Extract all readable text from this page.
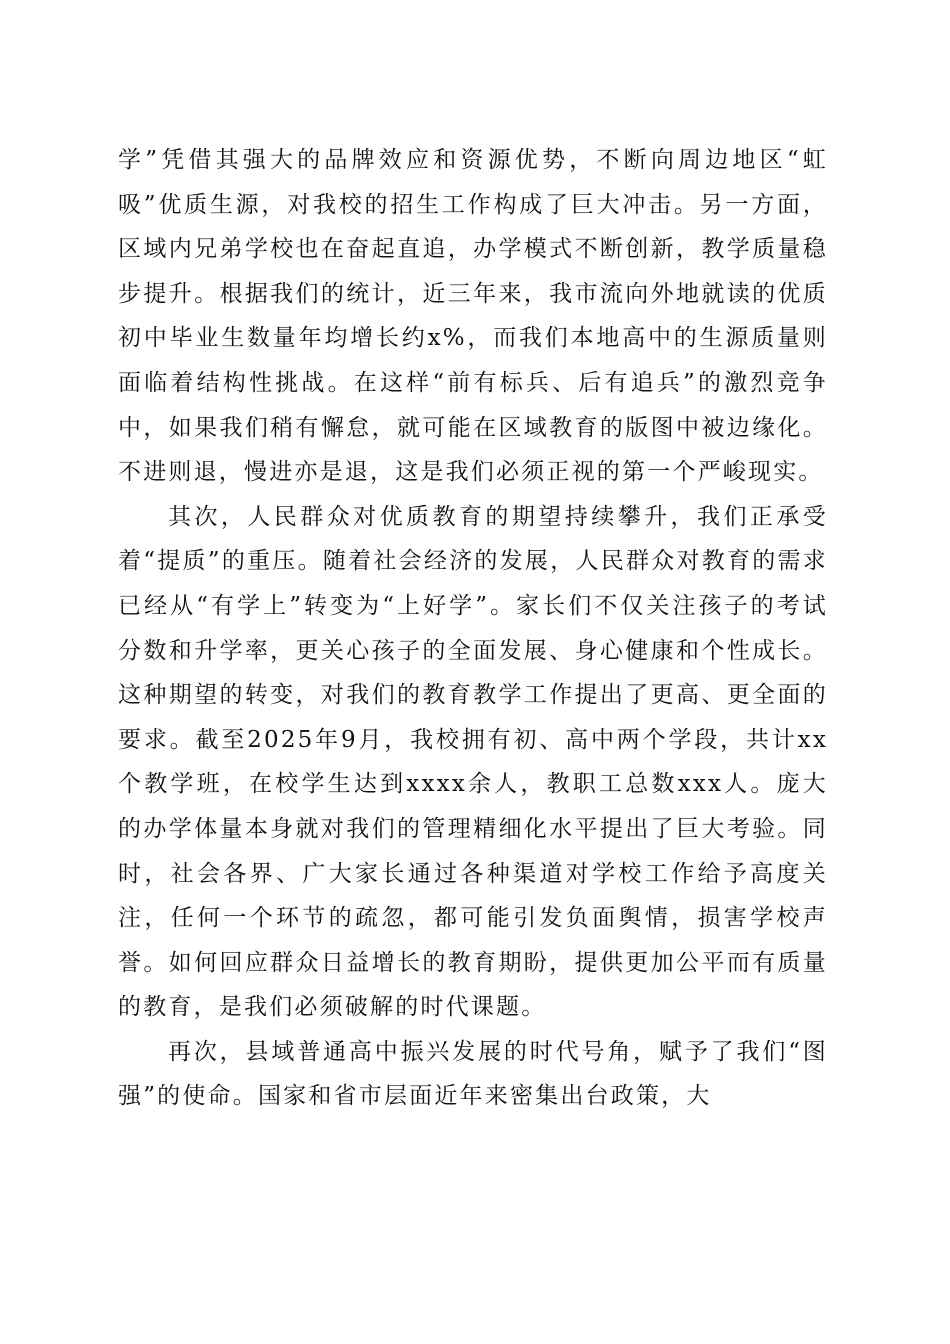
学”凭借其强大的品牌效应和资源优势，不断向周边地区“虹吸”优质生源，对我校的招生工作构成了巨大冲击。另一方面，区域内兄弟学校也在奋起直追，办学模式不断创新，教学质量稳步提升。根据我们的统计，近三年来，我市流向外地就读的优质初中毕业生数量年均增长约x%，而我们本地高中的生源质量则面临着结构性挑战。在这样“前有标兵、后有追兵”的激烈竞争中，如果我们稍有懈怠，就可能在区域教育的版图中被边缘化。不进则退，慢进亦是退，这是我们必须正视的第一个严峻现实。

其次，人民群众对优质教育的期望持续攀升，我们正承受着“提质”的重压。随着社会经济的发展，人民群众对教育的需求已经从“有学上”转变为“上好学”。家长们不仅关注孩子的考试分数和升学率，更关心孩子的全面发展、身心健康和个性成长。这种期望的转变，对我们的教育教学工作提出了更高、更全面的要求。截至2025年9月，我校拥有初、高中两个学段，共计xx个教学班，在校学生达到xxxx余人，教职工总数xxx人。庞大的办学体量本身就对我们的管理精细化水平提出了巨大考验。同时，社会各界、广大家长通过各种渠道对学校工作给予高度关注，任何一个环节的疏忽，都可能引发负面舆情，损害学校声誉。如何回应群众日益增长的教育期盼，提供更加公平而有质量的教育，是我们必须破解的时代课题。

再次，县域普通高中振兴发展的时代号角，赋予了我们“图强”的使命。国家和省市层面近年来密集出台政策，大
